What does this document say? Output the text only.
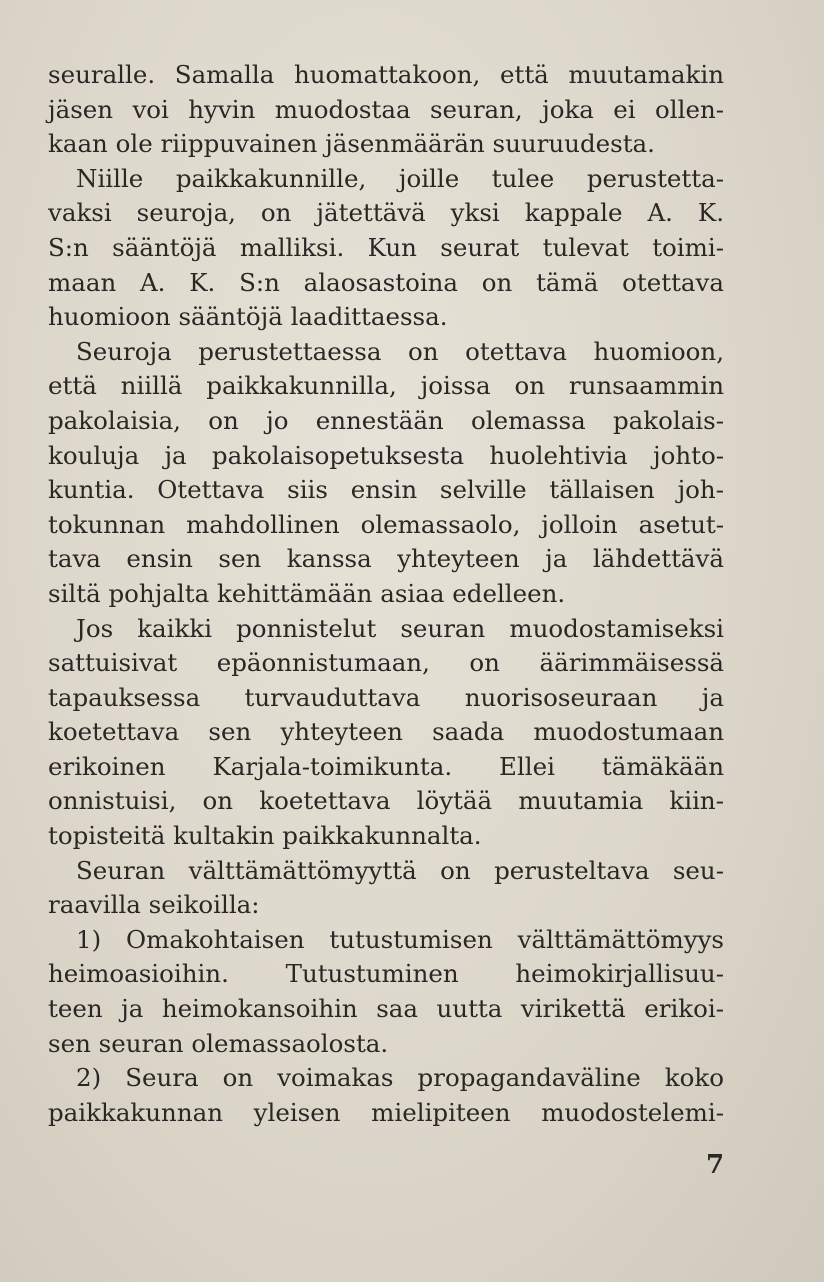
seuralle. Samalla huomattakoon, että muutamakin
jäsen voi hyvin muodostaa seuran, joka ei ollen-
kaan ole riippuvainen jäsenmäärän suuruudesta.
Niille paikkakunnille, joille tulee perustetta-
vaksi seuroja, on jätettävä yksi kappale A. K.
S:n sääntöjä malliksi. Kun seurat tulevat toimi-
maan A. K. S:n alaosastoina on tämä otettava
huomioon sääntöjä laadittaessa.
Seuroja perustettaessa on otettava huomioon,
että niillä paikkakunnilla, joissa on runsaammin
pakolaisia, on jo ennestään olemassa pakolais-
kouluja ja pakolaisopetuksesta huolehtivia johto-
kuntia. Otettava siis ensin selville tällaisen joh-
tokunnan mahdollinen olemassaolo, jolloin asetut-
tava ensin sen kanssa yhteyteen ja lähdettävä
siltä pohjalta kehittämään asiaa edelleen.
Jos kaikki ponnistelut seuran muodostamiseksi
sattuisivat epäonnistumaan, on äärimmäisessä
tapauksessa turvauduttava nuorisoseuraan ja
koetettava sen yhteyteen saada muodostumaan
erikoinen Karjala-toimikunta. Ellei tämäkään
onnistuisi, on koetettava löytää muutamia kiin-
topisteitä kultakin paikkakunnalta.
Seuran välttämättömyyttä on perusteltava seu-
raavilla seikoilla:
1) Omakohtaisen tutustumisen välttämättömyys
heimoasioihin. Tutustuminen heimokirjallisuu-
teen ja heimokansoihin saa uutta virikettä erikoi-
sen seuran olemassaolosta.
2) Seura on voimakas propagandaväline koko
paikkakunnan yleisen mielipiteen muodostelemi-
7
